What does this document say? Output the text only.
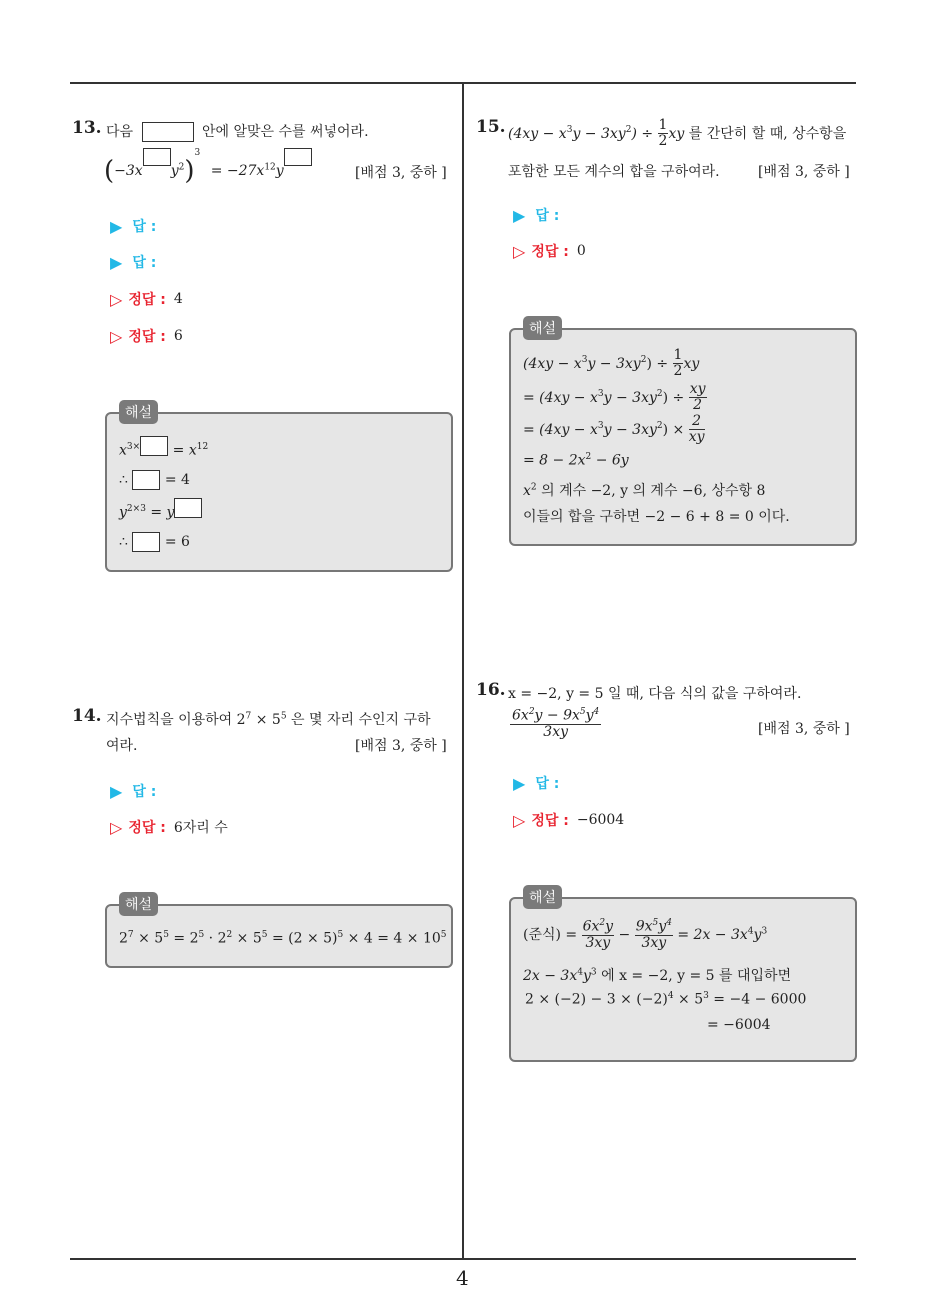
4
13. 다음	안에 알맞은 수를 써넣어라.
(−3x $y^2)^3 = -27x^{12}y$	[배점 3, 중하 ]
▶ 답 :
▶ 답 :
▷ 정답 : 4
▷ 정답 : 6
해설
$x^{3\times} = x^{12}$
∴	= 4
$y^{2\times 3} = y$
∴	= 6
14. 지수법칙을 이용하여 $2^7 \times 5^5$ 은 몇 자리 수인지 구하
여라.	[배점 3, 중하 ]
▶ 답 :
▷ 정답 : 6자리 수
해설
$2^7 \times 5^5 = 2^5 \cdot 2^2 \times 5^5 = (2 \times 5)^5 \times 4 = 4 \times 10^5$
15. $(4xy - x^3y - 3xy^2) \div \frac{1}{2}$ xy 를 간단히 할 때, 상수항을
포함한 모든 계수의 합을 구하여라.	[배점 3, 중하 ]
▶ 답 :
▷ 정답 : 0
해설
$(4xy - x^3y - 3xy^2) \div \frac{1}{2}$ xy
= $(4xy - x^3y - 3xy^2) \div \frac{xy}{2}$
= $(4xy - x^3y - 3xy^2) \times \frac{2}{xy}$
= $8 - 2x^2 - 6y$
$x^2$ 의 계수 −2, y 의 계수 −6, 상수항 8
이들의 합을 구하면 −2 − 6 + 8 = 0 이다.
16. x = −2, y = 5 일 때, 다음 식의 값을 구하여라.
$\frac{6x^2y - 9x^5y^4}{3xy}$	[배점 3, 중하 ]
▶ 답 :
▷ 정답 : −6004
해설
(준식) = $\frac{6x^2y}{3xy} - \frac{9x^5y^4}{3xy} = 2x - 3x^4y^3$
$2x - 3x^4y^3$ 에 x = −2, y = 5 를 대입하면
$2 \times (-2) - 3 \times (-2)^4 \times 5^3 = -4 - 6000$
= −6004
